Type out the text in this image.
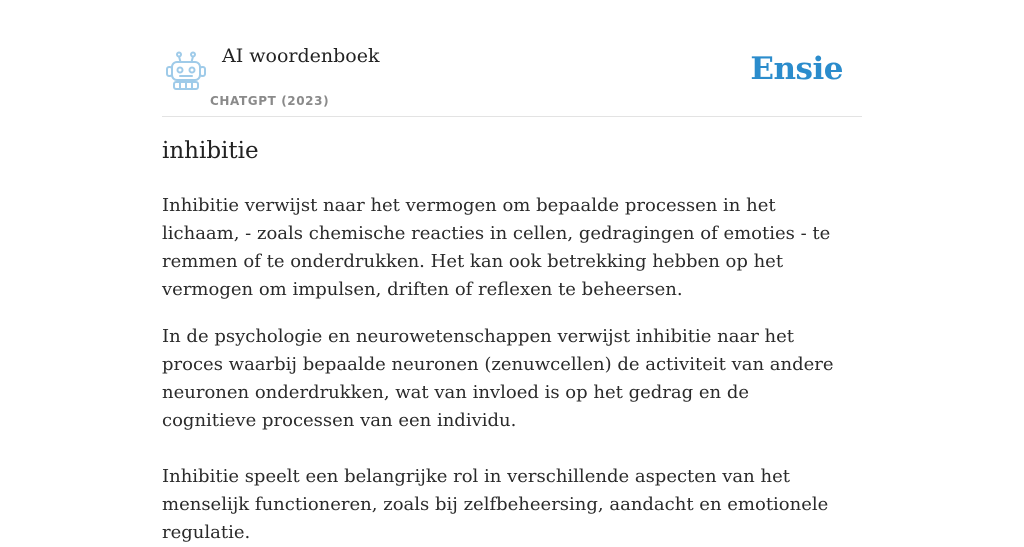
AI woordenboek
CHATGPT (2023)
Ensie
inhibitie

Inhibitie verwijst naar het vermogen om bepaalde processen in het lichaam, - zoals chemische reacties in cellen, gedragingen of emoties - te remmen of te onderdrukken. Het kan ook betrekking hebben op het vermogen om impulsen, driften of reflexen te beheersen.

In de psychologie en neurowetenschappen verwijst inhibitie naar het proces waarbij bepaalde neuronen (zenuwcellen) de activiteit van andere neuronen onderdrukken, wat van invloed is op het gedrag en de cognitieve processen van een individu.

Inhibitie speelt een belangrijke rol in verschillende aspecten van het menselijk functioneren, zoals bij zelfbeheersing, aandacht en emotionele regulatie.
